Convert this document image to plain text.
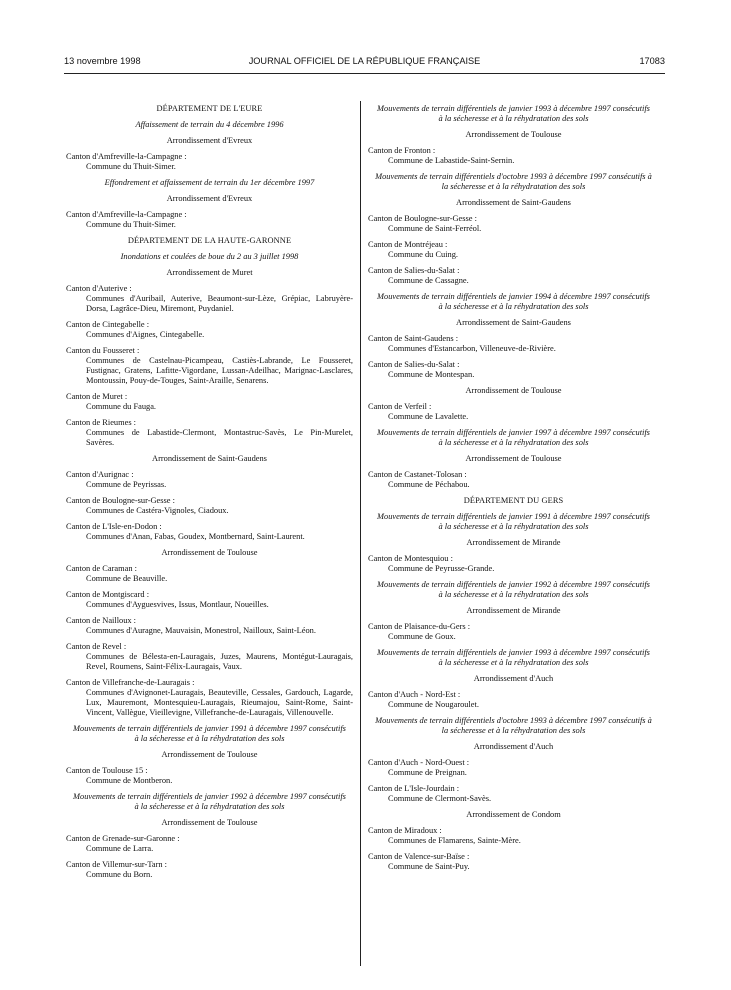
13 novembre 1998	JOURNAL OFFICIEL DE LA RÉPUBLIQUE FRANÇAISE	17083

DÉPARTEMENT DE L'EURE

Affaissement de terrain du 4 décembre 1996

Arrondissement d'Evreux

Canton d'Amfreville-la-Campagne :

Commune du Thuit-Simer.

Effondrement et affaissement de terrain du 1er décembre 1997

Arrondissement d'Evreux

Canton d'Amfreville-la-Campagne :

Commune du Thuit-Simer.

DÉPARTEMENT DE LA HAUTE-GARONNE

Inondations et coulées de boue du 2 au 3 juillet 1998

Arrondissement de Muret

Canton d'Auterive :

Communes d'Auribail, Auterive, Beaumont-sur-Lèze, Grépiac, Labruyère-Dorsa, Lagrâce-Dieu, Miremont, Puydaniel.

Canton de Cintegabelle :

Communes d'Aignes, Cintegabelle.

Canton du Fousseret :

Communes de Castelnau-Picampeau, Castiès-Labrande, Le Fousseret, Fustignac, Gratens, Lafitte-Vigordane, Lussan-Adeilhac, Marignac-Lasclares, Montoussin, Pouy-de-Touges, Saint-Araille, Senarens.

Canton de Muret :

Commune du Fauga.

Canton de Rieumes :

Communes de Labastide-Clermont, Montastruc-Savès, Le Pin-Murelet, Savères.

Arrondissement de Saint-Gaudens

Canton d'Aurignac :

Commune de Peyrissas.

Canton de Boulogne-sur-Gesse :

Communes de Castéra-Vignoles, Ciadoux.

Canton de L'Isle-en-Dodon :

Communes d'Anan, Fabas, Goudex, Montbernard, Saint-Laurent.

Arrondissement de Toulouse

Canton de Caraman :

Commune de Beauville.

Canton de Montgiscard :

Communes d'Ayguesvives, Issus, Montlaur, Noueilles.

Canton de Nailloux :

Communes d'Auragne, Mauvaisin, Monestrol, Nailloux, Saint-Léon.

Canton de Revel :

Communes de Bélesta-en-Lauragais, Juzes, Maurens, Montégut-Lauragais, Revel, Roumens, Saint-Félix-Lauragais, Vaux.

Canton de Villefranche-de-Lauragais :

Communes d'Avignonet-Lauragais, Beauteville, Cessales, Gardouch, Lagarde, Lux, Mauremont, Montesquieu-Lauragais, Rieumajou, Saint-Rome, Saint-Vincent, Vallègue, Vieillevigne, Villefranche-de-Lauragais, Villenouvelle.

Mouvements de terrain différentiels de janvier 1991 à décembre 1997 consécutifs à la sécheresse et à la réhydratation des sols

Arrondissement de Toulouse

Canton de Toulouse 15 :

Commune de Montberon.

Mouvements de terrain différentiels de janvier 1992 à décembre 1997 consécutifs à la sécheresse et à la réhydratation des sols

Arrondissement de Toulouse

Canton de Grenade-sur-Garonne :

Commune de Larra.

Canton de Villemur-sur-Tarn :

Commune du Born.

Mouvements de terrain différentiels de janvier 1993 à décembre 1997 consécutifs à la sécheresse et à la réhydratation des sols

Arrondissement de Toulouse

Canton de Fronton :

Commune de Labastide-Saint-Sernin.

Mouvements de terrain différentiels d'octobre 1993 à décembre 1997 consécutifs à la sécheresse et à la réhydratation des sols

Arrondissement de Saint-Gaudens

Canton de Boulogne-sur-Gesse :

Commune de Saint-Ferréol.

Canton de Montréjeau :

Commune du Cuing.

Canton de Salies-du-Salat :

Commune de Cassagne.

Mouvements de terrain différentiels de janvier 1994 à décembre 1997 consécutifs à la sécheresse et à la réhydratation des sols

Arrondissement de Saint-Gaudens

Canton de Saint-Gaudens :

Communes d'Estancarbon, Villeneuve-de-Rivière.

Canton de Salies-du-Salat :

Commune de Montespan.

Arrondissement de Toulouse

Canton de Verfeil :

Commune de Lavalette.

Mouvements de terrain différentiels de janvier 1997 à décembre 1997 consécutifs à la sécheresse et à la réhydratation des sols

Arrondissement de Toulouse

Canton de Castanet-Tolosan :

Commune de Péchabou.

DÉPARTEMENT DU GERS

Mouvements de terrain différentiels de janvier 1991 à décembre 1997 consécutifs à la sécheresse et à la réhydratation des sols

Arrondissement de Mirande

Canton de Montesquiou :

Commune de Peyrusse-Grande.

Mouvements de terrain différentiels de janvier 1992 à décembre 1997 consécutifs à la sécheresse et à la réhydratation des sols

Arrondissement de Mirande

Canton de Plaisance-du-Gers :

Commune de Goux.

Mouvements de terrain différentiels de janvier 1993 à décembre 1997 consécutifs à la sécheresse et à la réhydratation des sols

Arrondissement d'Auch

Canton d'Auch - Nord-Est :

Commune de Nougaroulet.

Mouvements de terrain différentiels d'octobre 1993 à décembre 1997 consécutifs à la sécheresse et à la réhydratation des sols

Arrondissement d'Auch

Canton d'Auch - Nord-Ouest :

Commune de Preignan.

Canton de L'Isle-Jourdain :

Commune de Clermont-Savès.

Arrondissement de Condom

Canton de Miradoux :

Communes de Flamarens, Sainte-Mère.

Canton de Valence-sur-Baïse :

Commune de Saint-Puy.
